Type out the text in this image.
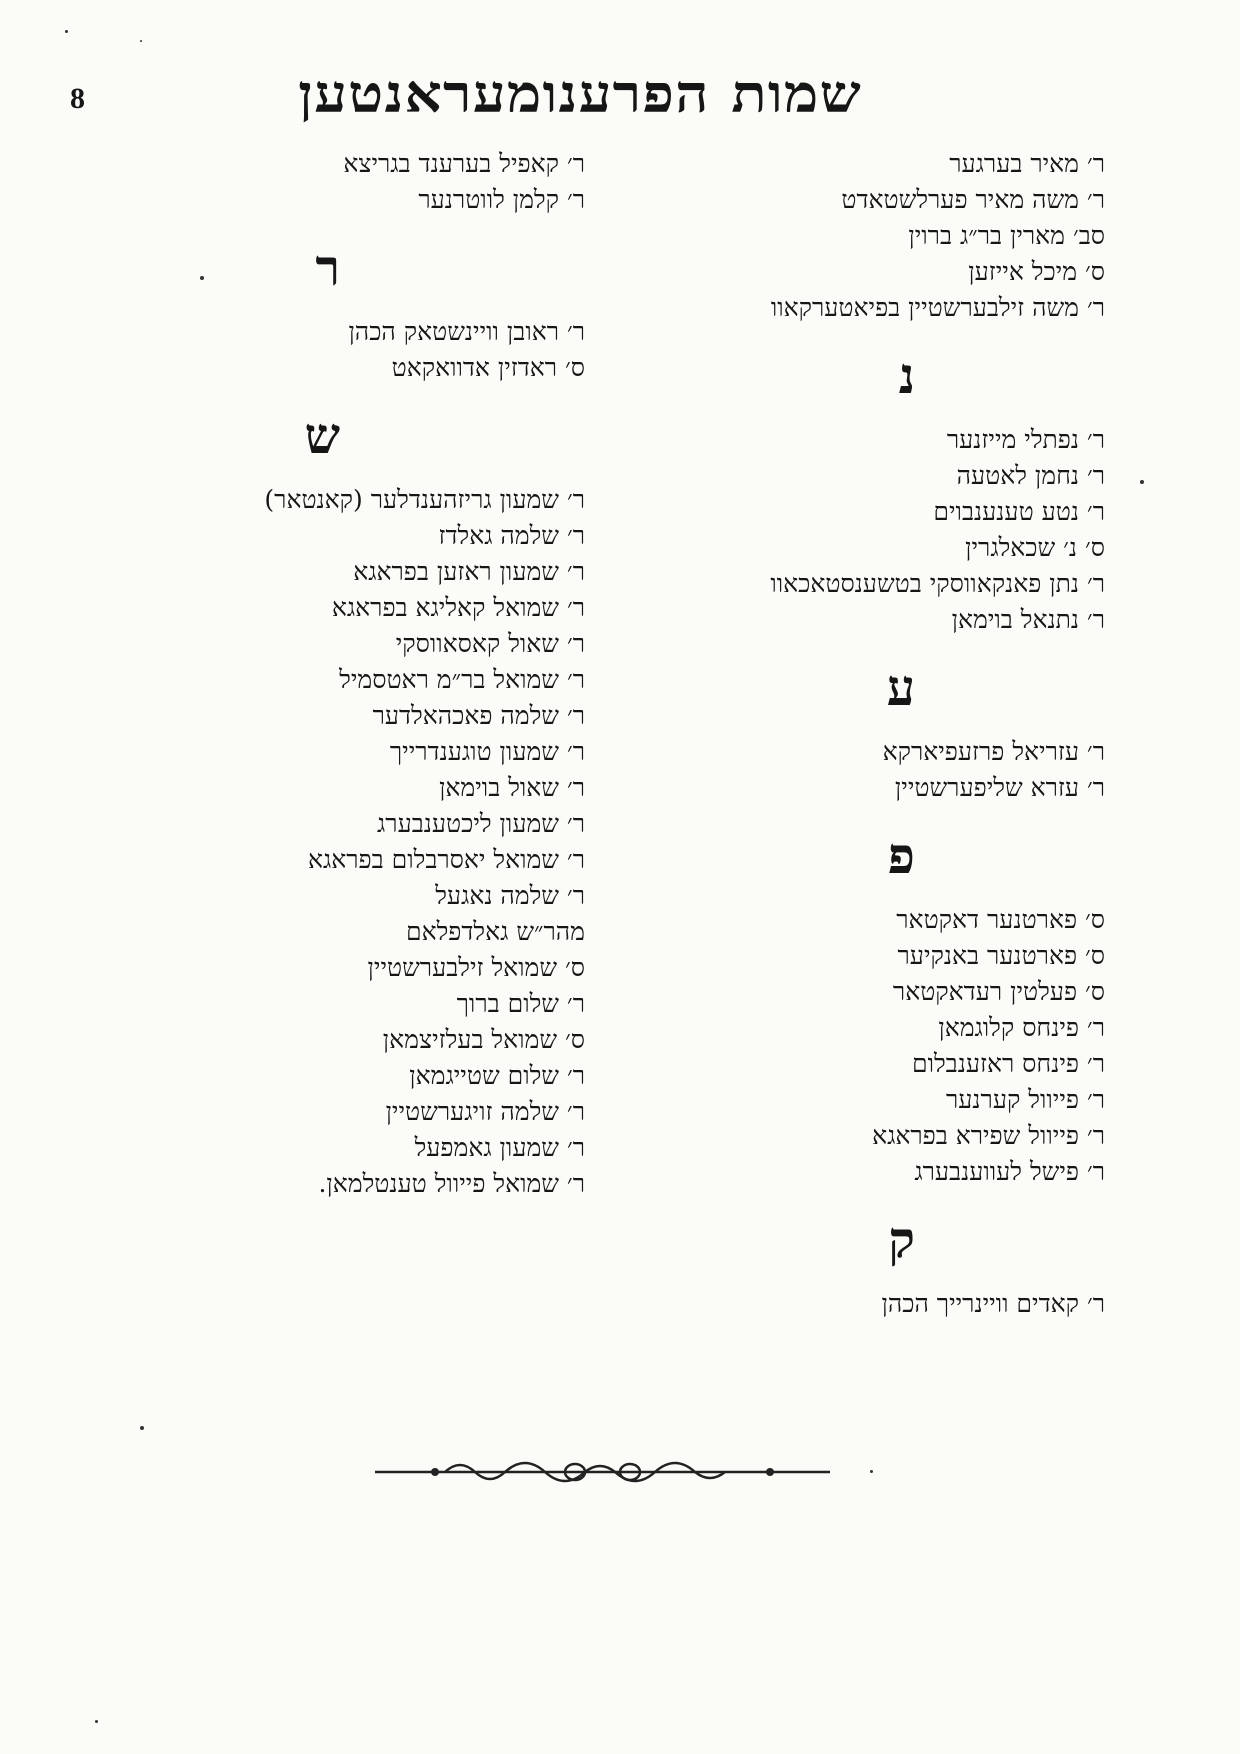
8	שמות הפרענומעראנטען
ר׳ מאיר בערגער
ר׳ משה מאיר פערלשטאדט
סב׳ מארין בר״ג ברוין
ס׳ מיכל אייזען
ר׳ משה זילבערשטיין בפיאטערקאוו
נ
ר׳ נפתלי מייזנער
ר׳ נחמן לאטעה
ר׳ נטע טענענבוים
ס׳ נ׳ שכאלגרין
ר׳ נתן פאנקאווסקי בטשענסטאכאוו
ר׳ נתנאל בוימאן
ע
ר׳ עזריאל פרזעפיארקא
ר׳ עזרא שליפערשטיין
פ
ס׳ פארטנער דאקטאר
ס׳ פארטנער באנקיער
ס׳ פעלטין רעדאקטאר
ר׳ פינחס קלוגמאן
ר׳ פינחס ראזענבלום
ר׳ פייוול קערנער
ר׳ פייוול שפירא בפראגא
ר׳ פישל לעווענבערג
ק
ר׳ קאדים וויינרייך הכהן
ר׳ קאפיל בערענד בגריצא
ר׳ קלמן לווטרנער
ר
ר׳ ראובן וויינשטאק הכהן
ס׳ ראדזין אדוואקאט
ש
ר׳ שמעון גריזהענדלער (קאנטאר)
ר׳ שלמה גאלדז
ר׳ שמעון ראזען בפראגא
ר׳ שמואל קאליגא בפראגא
ר׳ שאול קאסאווסקי
ר׳ שמואל בר״מ ראטסמיל
ר׳ שלמה פאכהאלדער
ר׳ שמעון טוגענדרייך
ר׳ שאול בוימאן
ר׳ שמעון ליכטענבערג
ר׳ שמואל יאסרבלום בפראגא
ר׳ שלמה נאגעל
מהר״ש גאלדפלאם
ס׳ שמואל זילבערשטיין
ר׳ שלום ברוך
ס׳ שמואל בעלזיצמאן
ר׳ שלום שטייגמאן
ר׳ שלמה זויגערשטיין
ר׳ שמעון גאמפעל
ר׳ שמואל פייוול טענטלמאן.
